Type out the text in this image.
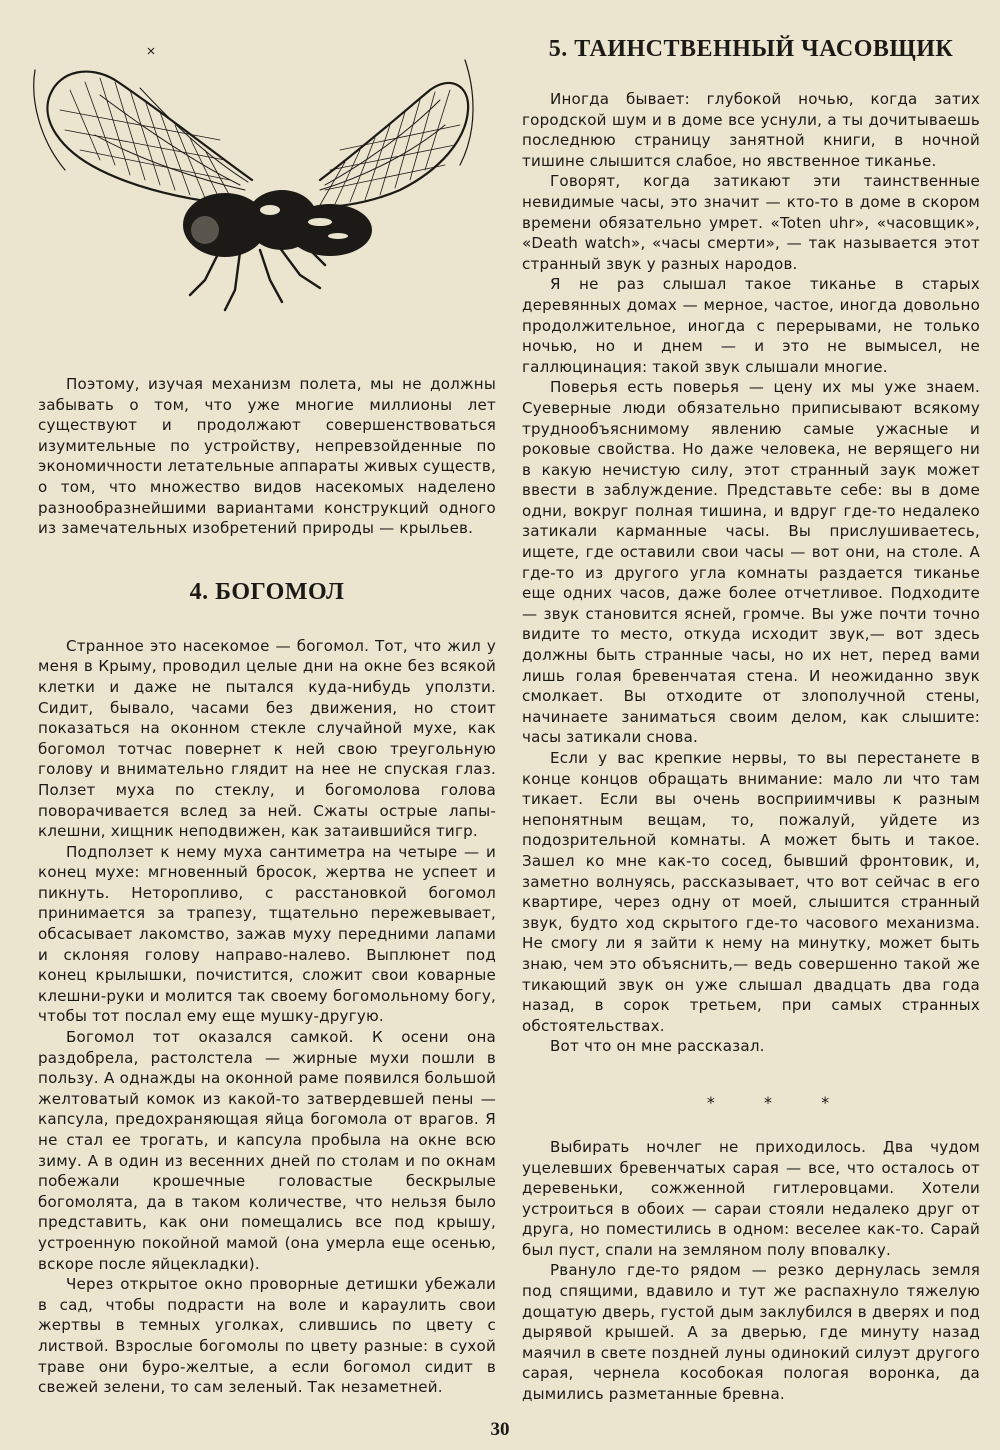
Поэтому, изучая механизм полета, мы не должны забывать о том, что уже многие миллионы лет существуют и продолжают совершенствоваться изумительные по устройству, непревзойденные по экономичности летательные аппараты живых существ, о том, что множество видов насекомых наделено разнообразнейшими вариантами конструкций одного из замечательных изобретений природы — крыльев.

4. БОГОМОЛ

Странное это насекомое — богомол. Тот, что жил у меня в Крыму, проводил целые дни на окне без всякой клетки и даже не пытался куда-нибудь уползти. Сидит, бывало, часами без движения, но стоит показаться на оконном стекле случайной мухе, как богомол тотчас повернет к ней свою треугольную голову и внимательно глядит на нее не спуская глаз. Ползет муха по стеклу, и богомолова голова поворачивается вслед за ней. Сжаты острые лапы-клешни, хищник неподвижен, как затаившийся тигр.

Подползет к нему муха сантиметра на четыре — и конец мухе: мгновенный бросок, жертва не успеет и пикнуть. Неторопливо, с расстановкой богомол принимается за трапезу, тщательно пережевывает, обсасывает лакомство, зажав муху передними лапами и склоняя голову направо-налево. Выплюнет под конец крылышки, почистится, сложит свои коварные клешни-руки и молится так своему богомольному богу, чтобы тот послал ему еще мушку-другую.

Богомол тот оказался самкой. К осени она раздобрела, растолстела — жирные мухи пошли в пользу. А однажды на оконной раме появился большой желтоватый комок из какой-то затвердевшей пены — капсула, предохраняющая яйца богомола от врагов. Я не стал ее трогать, и капсула пробыла на окне всю зиму. А в один из весенних дней по столам и по окнам побежали крошечные головастые бескрылые богомолята, да в таком количестве, что нельзя было представить, как они помещались все под крышу, устроенную покойной мамой (она умерла еще осенью, вскоре после яйцекладки).

Через открытое окно проворные детишки убежали в сад, чтобы подрасти на воле и караулить свои жертвы в темных уголках, слившись по цвету с листвой. Взрослые богомолы по цвету разные: в сухой траве они буро-желтые, а если богомол сидит в свежей зелени, то сам зеленый. Так незаметней.

5. ТАИНСТВЕННЫЙ ЧАСОВЩИК

Иногда бывает: глубокой ночью, когда затих городской шум и в доме все уснули, а ты дочитываешь последнюю страницу занятной книги, в ночной тишине слышится слабое, но явственное тиканье.

Говорят, когда затикают эти таинственные невидимые часы, это значит — кто-то в доме в скором времени обязательно умрет. «Toten uhr», «часовщик», «Death watch», «часы смерти», — так называется этот странный звук у разных народов.

Я не раз слышал такое тиканье в старых деревянных домах — мерное, частое, иногда довольно продолжительное, иногда с перерывами, не только ночью, но и днем — и это не вымысел, не галлюцинация: такой звук слышали многие.

Поверья есть поверья — цену их мы уже знаем. Суеверные люди обязательно приписывают всякому труднообъяснимому явлению самые ужасные и роковые свойства. Но даже человека, не верящего ни в какую нечистую силу, этот странный заук может ввести в заблуждение. Представьте себе: вы в доме одни, вокруг полная тишина, и вдруг где-то недалеко затикали карманные часы. Вы прислушиваетесь, ищете, где оставили свои часы — вот они, на столе. А где-то из другого угла комнаты раздается тиканье еще одних часов, даже более отчетливое. Подходите — звук становится ясней, громче. Вы уже почти точно видите то место, откуда исходит звук,— вот здесь должны быть странные часы, но их нет, перед вами лишь голая бревенчатая стена. И неожиданно звук смолкает. Вы отходите от злополучной стены, начинаете заниматься своим делом, как слышите: часы затикали снова.

Если у вас крепкие нервы, то вы перестанете в конце концов обращать внимание: мало ли что там тикает. Если вы очень восприимчивы к разным непонятным вещам, то, пожалуй, уйдете из подозрительной комнаты. А может быть и такое. Зашел ко мне как-то сосед, бывший фронтовик, и, заметно волнуясь, рассказывает, что вот сейчас в его квартире, через одну от моей, слышится странный звук, будто ход скрытого где-то часового механизма. Не смогу ли я зайти к нему на минутку, может быть знаю, чем это объяснить,— ведь совершенно такой же тикающий звук он уже слышал двадцать два года назад, в сорок третьем, при самых странных обстоятельствах.

Вот что он мне рассказал.

* * *

Выбирать ночлег не приходилось. Два чудом уцелевших бревенчатых сарая — все, что осталось от деревеньки, сожженной гитлеровцами. Хотели устроиться в обоих — сараи стояли недалеко друг от друга, но поместились в одном: веселее как-то. Сарай был пуст, спали на земляном полу вповалку.

Рвануло где-то рядом — резко дернулась земля под спящими, вдавило и тут же распахнуло тяжелую дощатую дверь, густой дым заклубился в дверях и под дырявой крышей. А за дверью, где минуту назад маячил в свете поздней луны одинокий силуэт другого сарая, чернела кособокая пологая воронка, да дымились разметанные бревна.

30
